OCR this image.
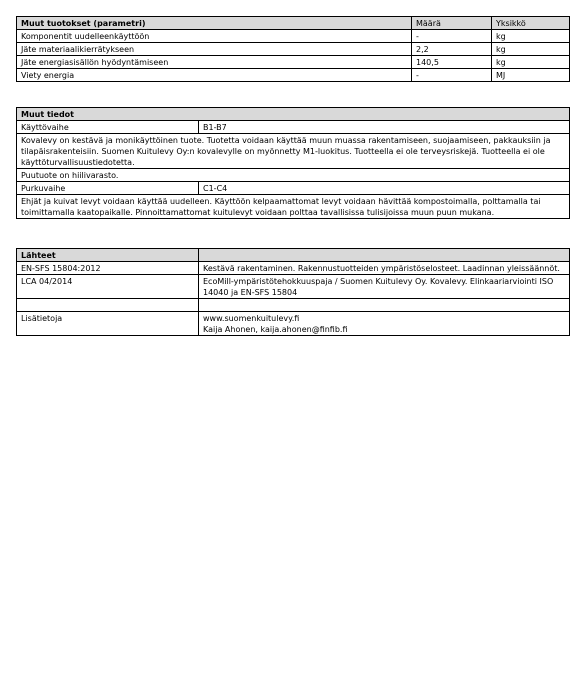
Muut tuotokset (parametri)	Määrä	Yksikkö
Komponentit uudelleenkäyttöön	-	kg
Jäte materiaalikierrätykseen	2,2	kg
Jäte energiasisällön hyödyntämiseen	140,5	kg
Viety energia	-	MJ
Muut tiedot	
Käyttövaihe	B1-B7
Kovalevy on kestävä ja monikäyttöinen tuote. Tuotetta voidaan käyttää muun muassa rakentamiseen, suojaamiseen, pakkauksiin ja tilapäisrakenteisiin. Suomen Kuitulevy Oy:n kovalevylle on myönnetty M1-luokitus. Tuotteella ei ole terveysriskejä. Tuotteella ei ole käyttöturvallisuustiedotetta.	
Puutuote on hiilivarasto.	
Purkuvaihe	C1-C4
Ehjät ja kuivat levyt voidaan käyttää uudelleen. Käyttöön kelpaamattomat levyt voidaan hävittää kompostoimalla, polttamalla tai toimittamalla kaatopaikalle. Pinnoittamattomat kuitulevyt voidaan polttaa tavallisissa tulisijoissa muun puun mukana.	
Lähteet	
EN-SFS 15804:2012	Kestävä rakentaminen. Rakennustuotteiden ympäristöselosteet. Laadinnan yleissäännöt.
LCA 04/2014	EcoMill-ympäristötehokkuuspaja / Suomen Kuitulevy Oy. Kovalevy. Elinkaariarviointi ISO 14040 ja EN-SFS 15804

Lisätietoja	www.suomenkuitulevy.fi
Kaija Ahonen, kaija.ahonen@finfib.fi
